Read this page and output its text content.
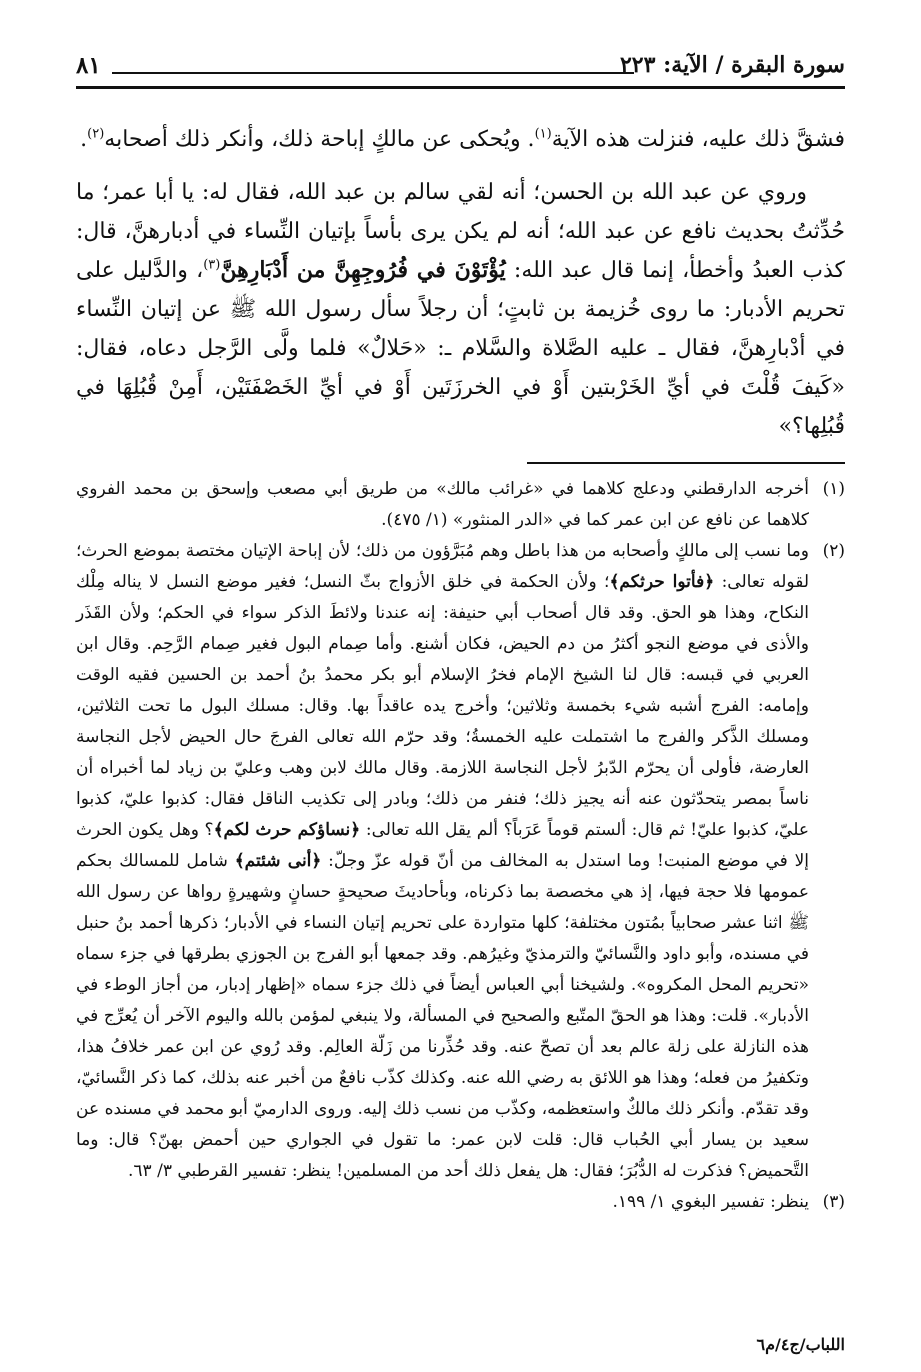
سورة البقرة / الآية: ٢٢٣
٨١

فشقَّ ذلك عليه، فنزلت هذه الآية$^{(١)}$. ويُحكى عن مالكٍ إباحة ذلك، وأنكر ذلك أصحابه$^{(٢)}$.

وروي عن عبد الله بن الحسن؛ أنه لقي سالم بن عبد الله، فقال له: يا أبا عمر؛ ما حُدِّثتُ بحديث نافع عن عبد الله؛ أنه لم يكن يرى بأساً بإتيان النِّساء في أدبارهنَّ، قال: كذب العبدُ وأخطأ، إنما قال عبد الله: يُؤْتَوْنَ في فُرُوجِهِنَّ من أَدْبَارِهِنَّ$^{(٣)}$، والدَّليل على تحريم الأدبار: ما روى خُزيمة بن ثابتٍ؛ أن رجلاً سأل رسول الله ﷺ عن إتيان النِّساء في أدْبارِهنَّ، فقال ـ عليه الصَّلاة والسَّلام ـ: «حَلالٌ» فلما ولَّى الرَّجل دعاه، فقال: «كَيفَ قُلْتَ في أيِّ الخَرْبتين أَوْ في الخرزَتَين أَوْ في أيِّ الخَصْفَتَيْن، أَمِنْ قُبُلِهَا في قُبُلِها؟»

(١)
أخرجه الدارقطني ودعلج كلاهما في «غرائب مالك» من طريق أبي مصعب وإسحق بن محمد الفروي كلاهما عن نافع عن ابن عمر كما في «الدر المنثور» (١/ ٤٧٥).
(٢)
وما نسب إلى مالكٍ وأصحابه من هذا باطل وهم مُبَرَّؤون من ذلك؛ لأن إباحة الإتيان مختصة بموضع الحرث؛ لقوله تعالى: ﴿فأتوا حرثكم﴾؛ ولأن الحكمة في خلق الأزواج بثّ النسل؛ فغير موضع النسل لا يناله مِلْك النكاح، وهذا هو الحق. وقد قال أصحاب أبي حنيفة: إنه عندنا ولائطَ الذكر سواء في الحكم؛ ولأن القَذَر والأذى في موضع النجو أكثرُ من دم الحيض، فكان أشنع. وأما صِمام البول فغير صِمام الرَّحِم. وقال ابن العربي في قبسه: قال لنا الشيخ الإمام فخرُ الإسلام أبو بكر محمدُ بنُ أحمد بن الحسين فقيه الوقت وإمامه: الفرج أشبه شيء بخمسة وثلاثين؛ وأخرج يده عاقداً بها. وقال: مسلك البول ما تحت الثلاثين، ومسلك الذَّكر والفرج ما اشتملت عليه الخمسةُ؛ وقد حرّم الله تعالى الفرجَ حال الحيض لأجل النجاسة العارضة، فأولى أن يحرّم الدّبرُ لأجل النجاسة اللازمة. وقال مالك لابن وهب وعليّ بن زياد لما أخبراه أن ناساً بمصر يتحدّثون عنه أنه يجيز ذلك؛ فنفر من ذلك؛ وبادر إلى تكذيب الناقل فقال: كذبوا عليّ، كذبوا عليّ، كذبوا عليّ! ثم قال: ألستم قوماً عَرَباً؟ ألم يقل الله تعالى: ﴿نساؤكم حرث لكم﴾؟ وهل يكون الحرث إلا في موضع المنبت! وما استدل به المخالف من أنّ قوله عزّ وجلّ: ﴿أنى شئتم﴾ شامل للمسالك بحكم عمومها فلا حجة فيها، إذ هي مخصصة بما ذكرناه، وبأحاديثَ صحيحةٍ حسانٍ وشهيرةٍ رواها عن رسول الله ﷺ اثنا عشر صحابياً بمُتون مختلفة؛ كلها متواردة على تحريم إتيان النساء في الأدبار؛ ذكرها أحمد بنُ حنبل في مسنده، وأبو داود والنَّسائيّ والترمذيّ وغيرُهم. وقد جمعها أبو الفرج بن الجوزي بطرقها في جزء سماه «تحريم المحل المكروه». ولشيخنا أبي العباس أيضاً في ذلك جزء سماه «إظهار إدبار، من أجاز الوطء في الأدبار». قلت: وهذا هو الحقّ المتّبع والصحيح في المسألة، ولا ينبغي لمؤمن بالله واليوم الآخر أن يُعرِّج في هذه النازلة على زلة عالم بعد أن تصحّ عنه. وقد حُذِّرنا من زَلّة العالِم. وقد رُوي عن ابن عمر خلافُ هذا، وتكفيرُ من فعله؛ وهذا هو اللائق به رضي الله عنه. وكذلك كذّب نافعٌ من أخبر عنه بذلك، كما ذكر النَّسائيّ، وقد تقدّم. وأنكر ذلك مالكٌ واستعظمه، وكذّب من نسب ذلك إليه. وروى الدارميّ أبو محمد في مسنده عن سعيد بن يسار أبي الحُباب قال: قلت لابن عمر: ما تقول في الجواري حين أحمض بهنّ؟ قال: وما التَّحميض؟ فذكرت له الدُّبُرَ؛ فقال: هل يفعل ذلك أحد من المسلمين! ينظر: تفسير القرطبي ٣/ ٦٣.
(٣)
ينظر: تفسير البغوي ١/ ١٩٩.
اللباب/ج٤/م٦
